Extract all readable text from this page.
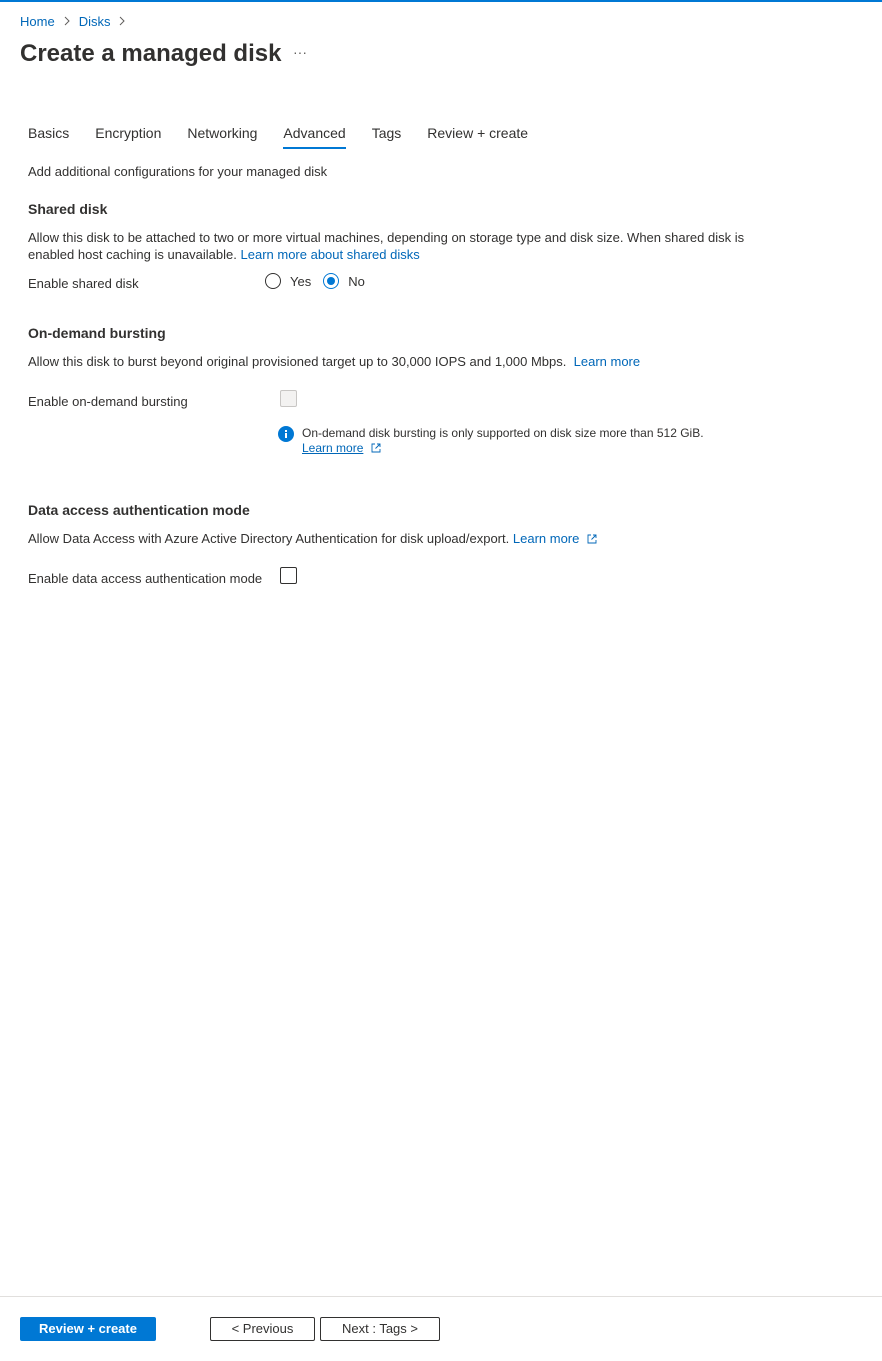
Home Disks
Create a managed disk ···
Basics Encryption Networking Advanced Tags Review + create
Add additional configurations for your managed disk
Shared disk
Allow this disk to be attached to two or more virtual machines, depending on storage type and disk size. When shared disk is enabled host caching is unavailable. Learn more about shared disks
Enable shared disk	Yes	No
On-demand bursting
Allow this disk to burst beyond original provisioned target up to 30,000 IOPS and 1,000 Mbps. Learn more
Enable on-demand bursting
On-demand disk bursting is only supported on disk size more than 512 GiB.
Learn more
Data access authentication mode
Allow Data Access with Azure Active Directory Authentication for disk upload/export. Learn more
Enable data access authentication mode
Review + create	< Previous	Next : Tags >
